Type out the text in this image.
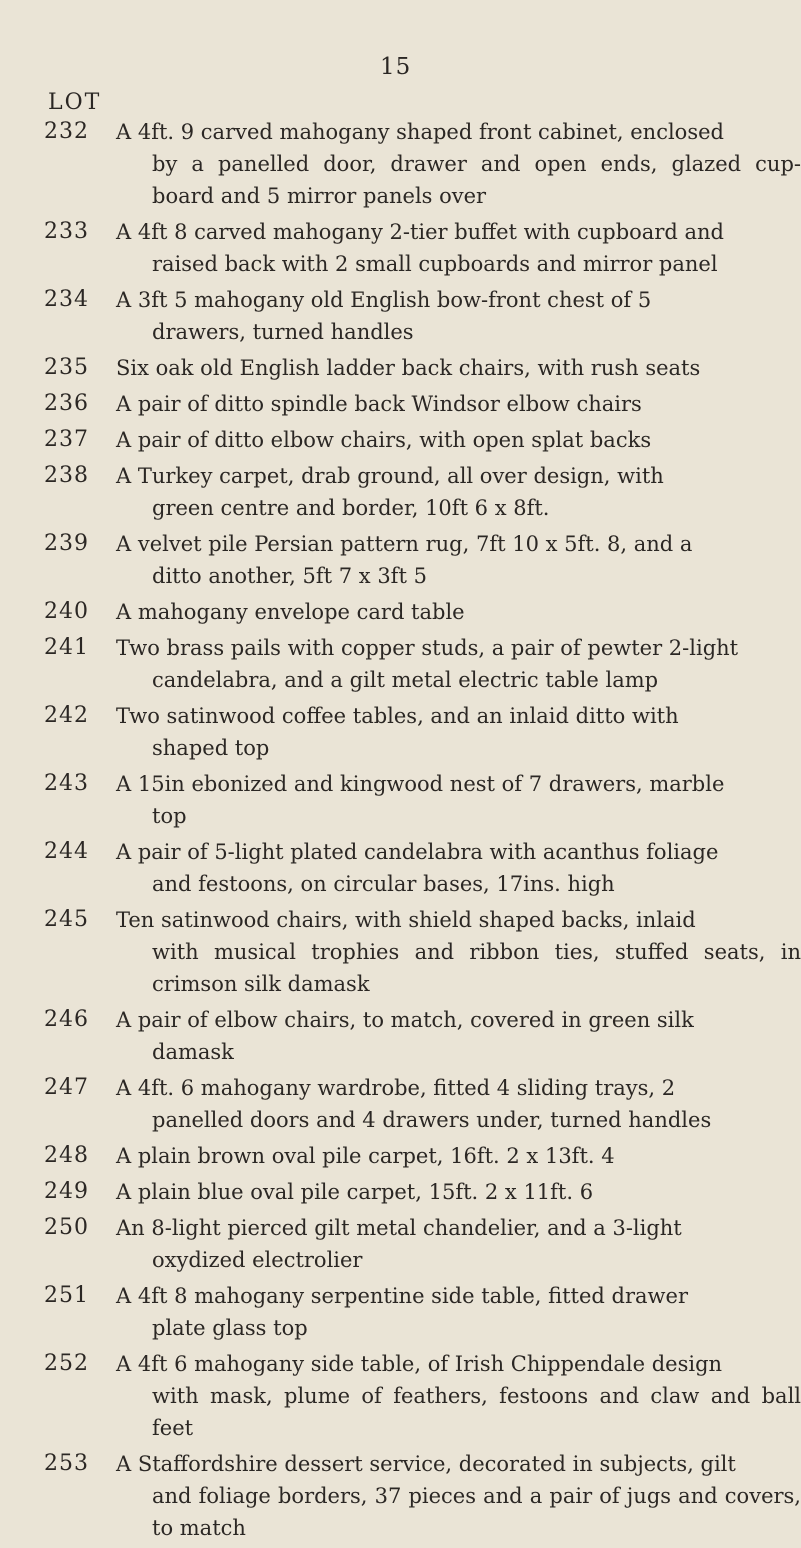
15
LOT
232 A 4ft. 9 carved mahogany shaped front cabinet, enclosed
by a panelled door, drawer and open ends, glazed cup- board and 5 mirror panels over
233 A 4ft 8 carved mahogany 2-tier buffet with cupboard and
raised back with 2 small cupboards and mirror panel
234 A 3ft 5 mahogany old English bow-front chest of 5
drawers, turned handles
235 Six oak old English ladder back chairs, with rush seats
236 A pair of ditto spindle back Windsor elbow chairs
237 A pair of ditto elbow chairs, with open splat backs
238 A Turkey carpet, drab ground, all over design, with
green centre and border, 10ft 6 x 8ft.
239 A velvet pile Persian pattern rug, 7ft 10 x 5ft. 8, and a
ditto another, 5ft 7 x 3ft 5
240 A mahogany envelope card table
241 Two brass pails with copper studs, a pair of pewter 2-light
candelabra, and a gilt metal electric table lamp
242 Two satinwood coffee tables, and an inlaid ditto with
shaped top
243 A 15in ebonized and kingwood nest of 7 drawers, marble
top
244 A pair of 5-light plated candelabra with acanthus foliage
and festoons, on circular bases, 17ins. high
245 Ten satinwood chairs, with shield shaped backs, inlaid
with musical trophies and ribbon ties, stuffed seats, in crimson silk damask
246 A pair of elbow chairs, to match, covered in green silk
damask
247 A 4ft. 6 mahogany wardrobe, fitted 4 sliding trays, 2
panelled doors and 4 drawers under, turned handles
248 A plain brown oval pile carpet, 16ft. 2 x 13ft. 4
249 A plain blue oval pile carpet, 15ft. 2 x 11ft. 6
250 An 8-light pierced gilt metal chandelier, and a 3-light
oxydized electrolier
251 A 4ft 8 mahogany serpentine side table, fitted drawer
plate glass top
252 A 4ft 6 mahogany side table, of Irish Chippendale design
with mask, plume of feathers, festoons and claw and ball feet
253 A Staffordshire dessert service, decorated in subjects, gilt
and foliage borders, 37 pieces and a pair of jugs and covers, to match
